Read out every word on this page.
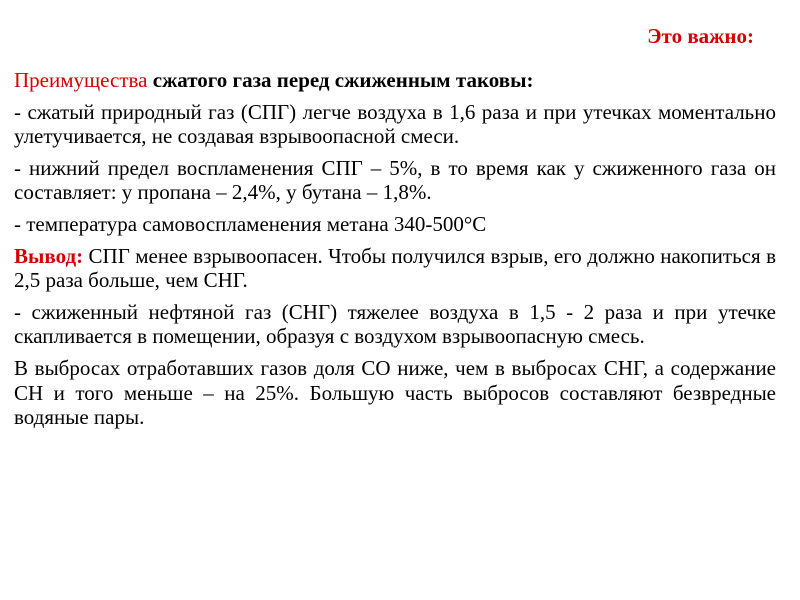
Это важно:

Преимущества сжатого газа перед сжиженным таковы:

- сжатый природный газ (СПГ) легче воздуха в 1,6 раза и при утечках моментально улетучивается, не создавая взрывоопасной смеси.

- нижний предел воспламенения СПГ – 5%, в то время как у сжиженного газа он составляет: у пропана – 2,4%, у бутана – 1,8%.

- температура самовоспламенения метана 340-500°С

Вывод: СПГ менее взрывоопасен. Чтобы получился взрыв, его должно накопиться в 2,5 раза больше, чем СНГ.

- сжиженный нефтяной газ (СНГ) тяжелее воздуха в 1,5 - 2 раза и при утечке скапливается в помещении, образуя с воздухом взрывоопасную смесь.

В выбросах отработавших газов доля СО ниже, чем в выбросах СНГ, а содержание СН и того меньше – на 25%. Большую часть выбросов составляют безвредные водяные пары.
